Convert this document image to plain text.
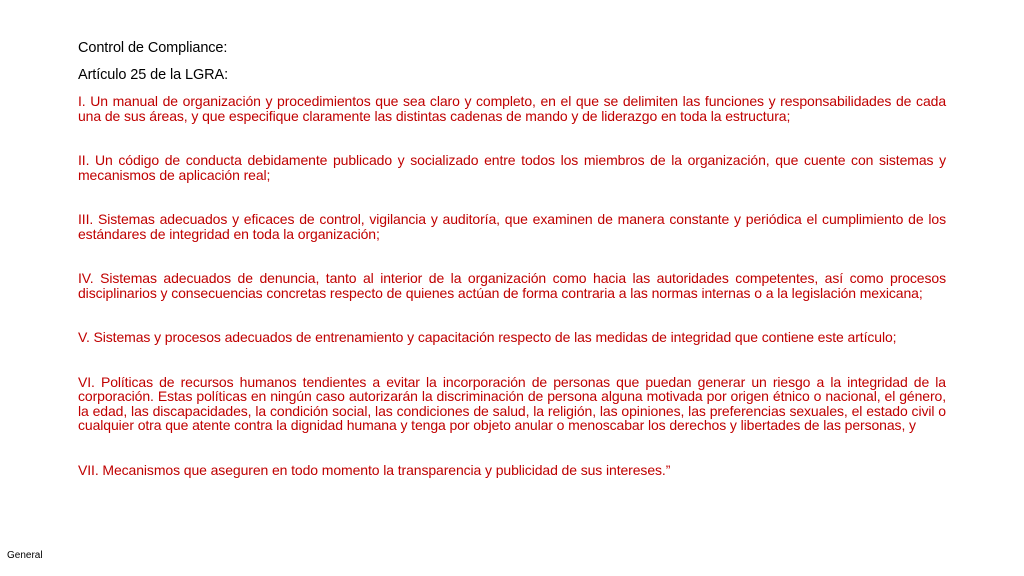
Control de Compliance:

Artículo 25 de la LGRA:

I. Un manual de organización y procedimientos que sea claro y completo, en el que se delimiten las funciones y responsabilidades de cada una de sus áreas, y que especifique claramente las distintas cadenas de mando y de liderazgo en toda la estructura;

II. Un código de conducta debidamente publicado y socializado entre todos los miembros de la organización, que cuente con sistemas y mecanismos de aplicación real;

III. Sistemas adecuados y eficaces de control, vigilancia y auditoría, que examinen de manera constante y periódica el cumplimiento de los estándares de integridad en toda la organización;

IV. Sistemas adecuados de denuncia, tanto al interior de la organización como hacia las autoridades competentes, así como procesos disciplinarios y consecuencias concretas respecto de quienes actúan de forma contraria a las normas internas o a la legislación mexicana;

V. Sistemas y procesos adecuados de entrenamiento y capacitación respecto de las medidas de integridad que contiene este artículo;

VI. Políticas de recursos humanos tendientes a evitar la incorporación de personas que puedan generar un riesgo a la integridad de la corporación. Estas políticas en ningún caso autorizarán la discriminación de persona alguna motivada por origen étnico o nacional, el género, la edad, las discapacidades, la condición social, las condiciones de salud, la religión, las opiniones, las preferencias sexuales, el estado civil o cualquier otra que atente contra la dignidad humana y tenga por objeto anular o menoscabar los derechos y libertades de las personas, y

VII. Mecanismos que aseguren en todo momento la transparencia y publicidad de sus intereses.”

General
